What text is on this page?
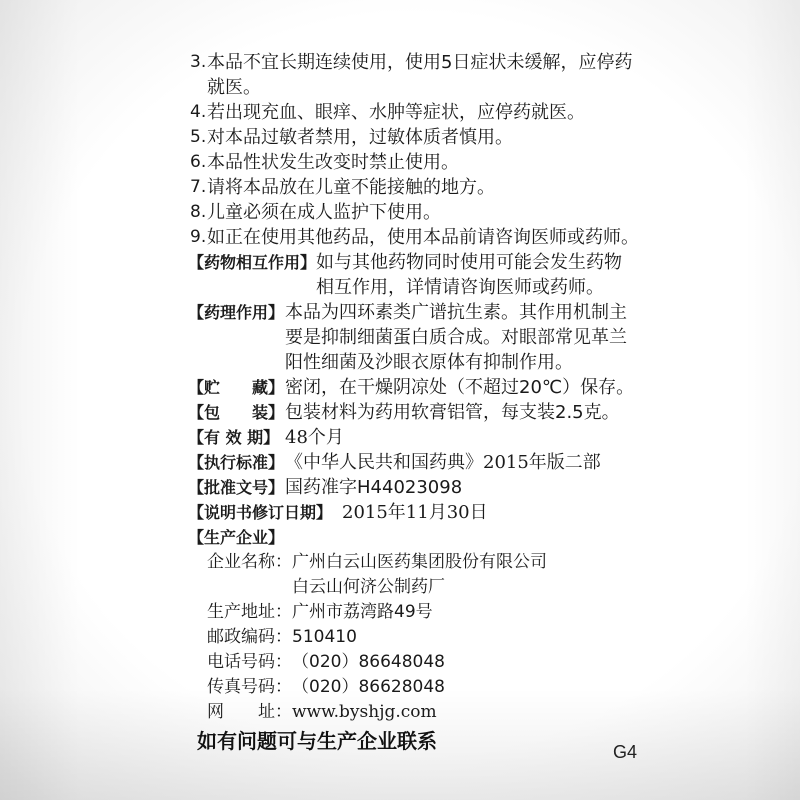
3. 本品不宜长期连续使用，使用5日症状未缓解，应停药
就医。
4. 若出现充血、眼痒、水肿等症状，应停药就医。
5. 对本品过敏者禁用，过敏体质者慎用。
6. 本品性状发生改变时禁止使用。
7. 请将本品放在儿童不能接触的地方。
8. 儿童必须在成人监护下使用。
9. 如正在使用其他药品，使用本品前请咨询医师或药师。
【药物相互作用】 如与其他药物同时使用可能会发生药物
相互作用，详情请咨询医师或药师。
【药理作用】 本品为四环素类广谱抗生素。其作用机制主
要是抑制细菌蛋白质合成。对眼部常见革兰
阳性细菌及沙眼衣原体有抑制作用。
【贮　　藏】 密闭，在干燥阴凉处（不超过20℃）保存。
【包　　装】 包装材料为药用软膏铝管，每支装2.5克。
【有 效 期】 48个月
【执行标准】 《中华人民共和国药典》2015年版二部
【批准文号】 国药准字H44023098
【说明书修订日期】 2015年11月30日
【生产企业】
企业名称： 广州白云山医药集团股份有限公司
白云山何济公制药厂
生产地址： 广州市荔湾路49号
邮政编码： 510410
电话号码： （020）86648048
传真号码： （020）86628048
网　　址： www.byshjg.com
如有问题可与生产企业联系	G4
